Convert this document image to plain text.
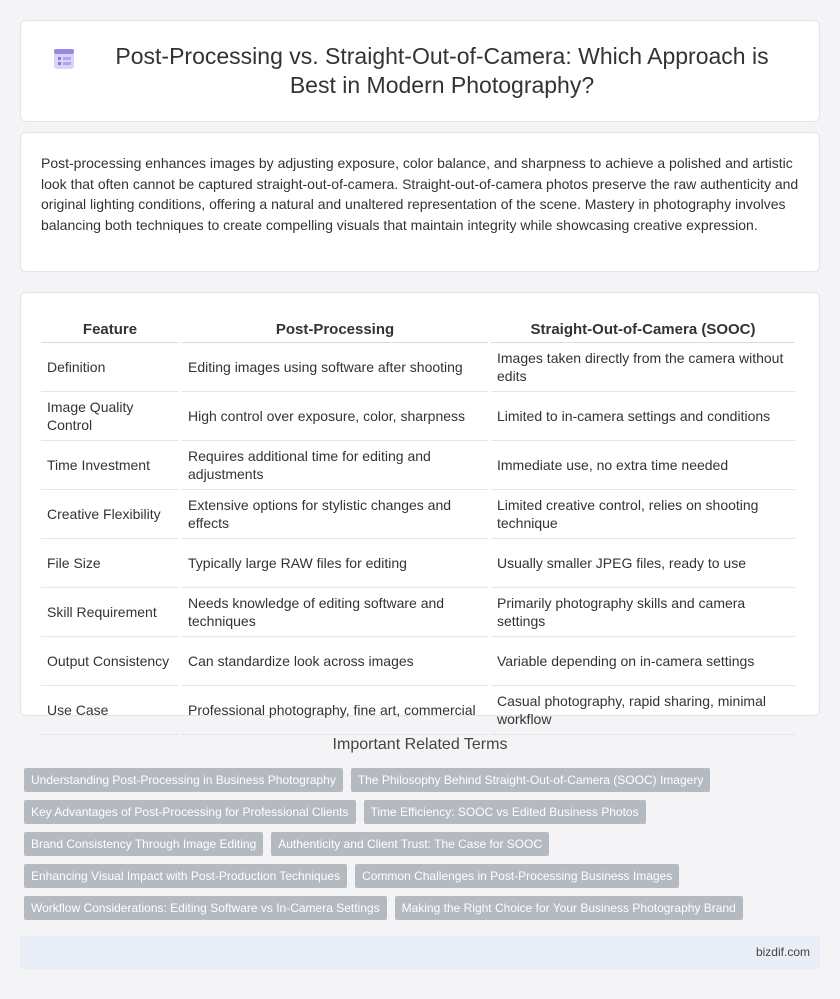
Post-Processing vs. Straight-Out-of-Camera: Which Approach is Best in Modern Photography?

Post-processing enhances images by adjusting exposure, color balance, and sharpness to achieve a polished and artistic look that often cannot be captured straight-out-of-camera. Straight-out-of-camera photos preserve the raw authenticity and original lighting conditions, offering a natural and unaltered representation of the scene. Mastery in photography involves balancing both techniques to create compelling visuals that maintain integrity while showcasing creative expression.

Feature	Post-Processing	Straight-Out-of-Camera (SOOC)
Definition	Editing images using software after shooting	Images taken directly from the camera without edits
Image Quality Control	High control over exposure, color, sharpness	Limited to in-camera settings and conditions
Time Investment	Requires additional time for editing and adjustments	Immediate use, no extra time needed
Creative Flexibility	Extensive options for stylistic changes and effects	Limited creative control, relies on shooting technique
File Size	Typically large RAW files for editing	Usually smaller JPEG files, ready to use
Skill Requirement	Needs knowledge of editing software and techniques	Primarily photography skills and camera settings
Output Consistency	Can standardize look across images	Variable depending on in-camera settings
Use Case	Professional photography, fine art, commercial	Casual photography, rapid sharing, minimal workflow
Important Related Terms
Understanding Post-Processing in Business Photography	The Philosophy Behind Straight-Out-of-Camera (SOOC) Imagery
Key Advantages of Post-Processing for Professional Clients	Time Efficiency: SOOC vs Edited Business Photos
Brand Consistency Through Image Editing	Authenticity and Client Trust: The Case for SOOC
Enhancing Visual Impact with Post-Production Techniques	Common Challenges in Post-Processing Business Images
Workflow Considerations: Editing Software vs In-Camera Settings	Making the Right Choice for Your Business Photography Brand
bizdif.com
